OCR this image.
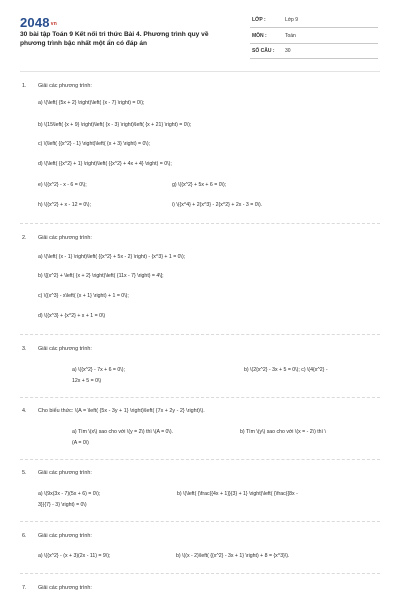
2048vn
30 bài tập Toán 9 Kết nối tri thức Bài 4. Phương trình quy về phương trình bậc nhất một ẩn có đáp án
LỚP :	Lớp 9
MÔN :	Toán
SỐ CÂU : 30
1. Giải các phương trình:
a) \(\left( {5x + 2} \right)\left( {x - 7} \right) = 0\);
b) \(15\left( {x + 9} \right)\left( {x - 3} \right)\left( {x + 21} \right) = 0\);
c) \(\left( {{x^2} - 1} \right)\left( {x + 3} \right) = 0\);
d) \(\left( {{x^2} + 1} \right)\left( {{x^2} + 4x + 4} \right) = 0\);
e) \({x^2} - x - 6 = 0\);	g) \({x^2} + 5x + 6 = 0\);
h) \({x^2} + x - 12 = 0\);	i) \({x^4} + 2{x^3} - 2{x^2} + 2x - 3 = 0\).
2. Giải các phương trình:
a) \(\left( {x - 1} \right)\left( {{x^2} + 5x - 2} \right) - {x^3} + 1 = 0\);
b) \[{x^2} + \left( {x + 2} \right)\left( {11x - 7} \right) = 4\];
c) \({x^3} - x\left( {x + 1} \right) + 1 = 0\);
d) \({x^3} + {x^2} + x + 1 = 0\)
3. Giải các phương trình:
a) \({x^2} - 7x + 6 = 0\);	b) \(2{x^2} - 3x + 5 = 0\); c) \(4{x^2} -
12x + 5 = 0\)
4. Cho biểu thức: \(A = \left( {5x - 3y + 1} \right)\left( {7x + 2y - 2} \right)\).
a) Tìm \(x\) sao cho với \(y = 2\) thì \(A = 0\).	b) Tìm \(y\) sao cho với \(x = - 2\) thì \
(A = 0\)
5. Giải các phương trình:
a) \(9x(3x - 7)(5x + 6) = 0\);	b) \(\left( {\frac{{4x + 1}}{3} + 1} \right)\left( {\frac{{8x -
3}}{7} - 3} \right) = 0\)
6. Giải các phương trình:
a) \({x^2} - (x + 3)(2x - 11) = 9\);	b) \((x - 2)\left( {{x^2} - 3x + 1} \right) + 8 = {x^3}\).
7. Giải các phương trình:
